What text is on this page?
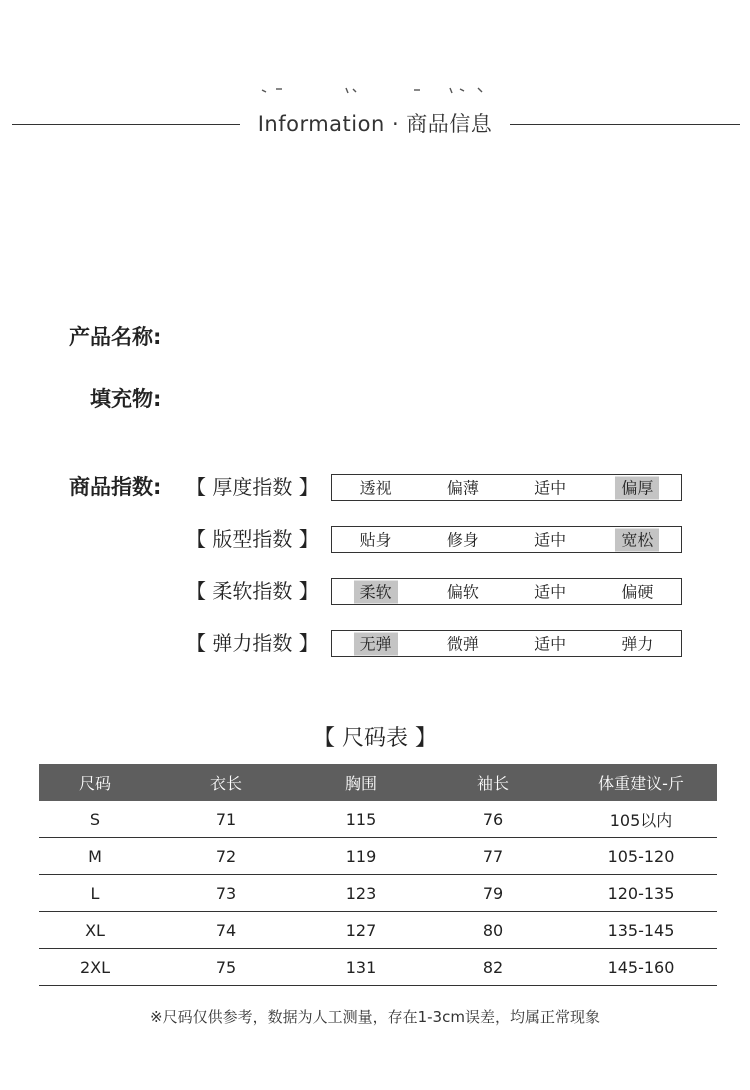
Information · 商品信息
产品名称:
填充物:
商品指数: 【 厚度指数 】	透视	偏薄	适中	偏厚
【 版型指数 】	贴身	修身	适中	宽松
【 柔软指数 】	柔软	偏软	适中	偏硬
【 弹力指数 】	无弹	微弹	适中	弹力
【 尺码表 】
尺码	衣长	胸围	袖长	体重建议-斤
S	71	115	76	105以内
M	72	119	77	105-120
L	73	123	79	120-135
XL	74	127	80	135-145
2XL	75	131	82	145-160
※尺码仅供参考，数据为人工测量，存在1-3cm误差，均属正常现象
